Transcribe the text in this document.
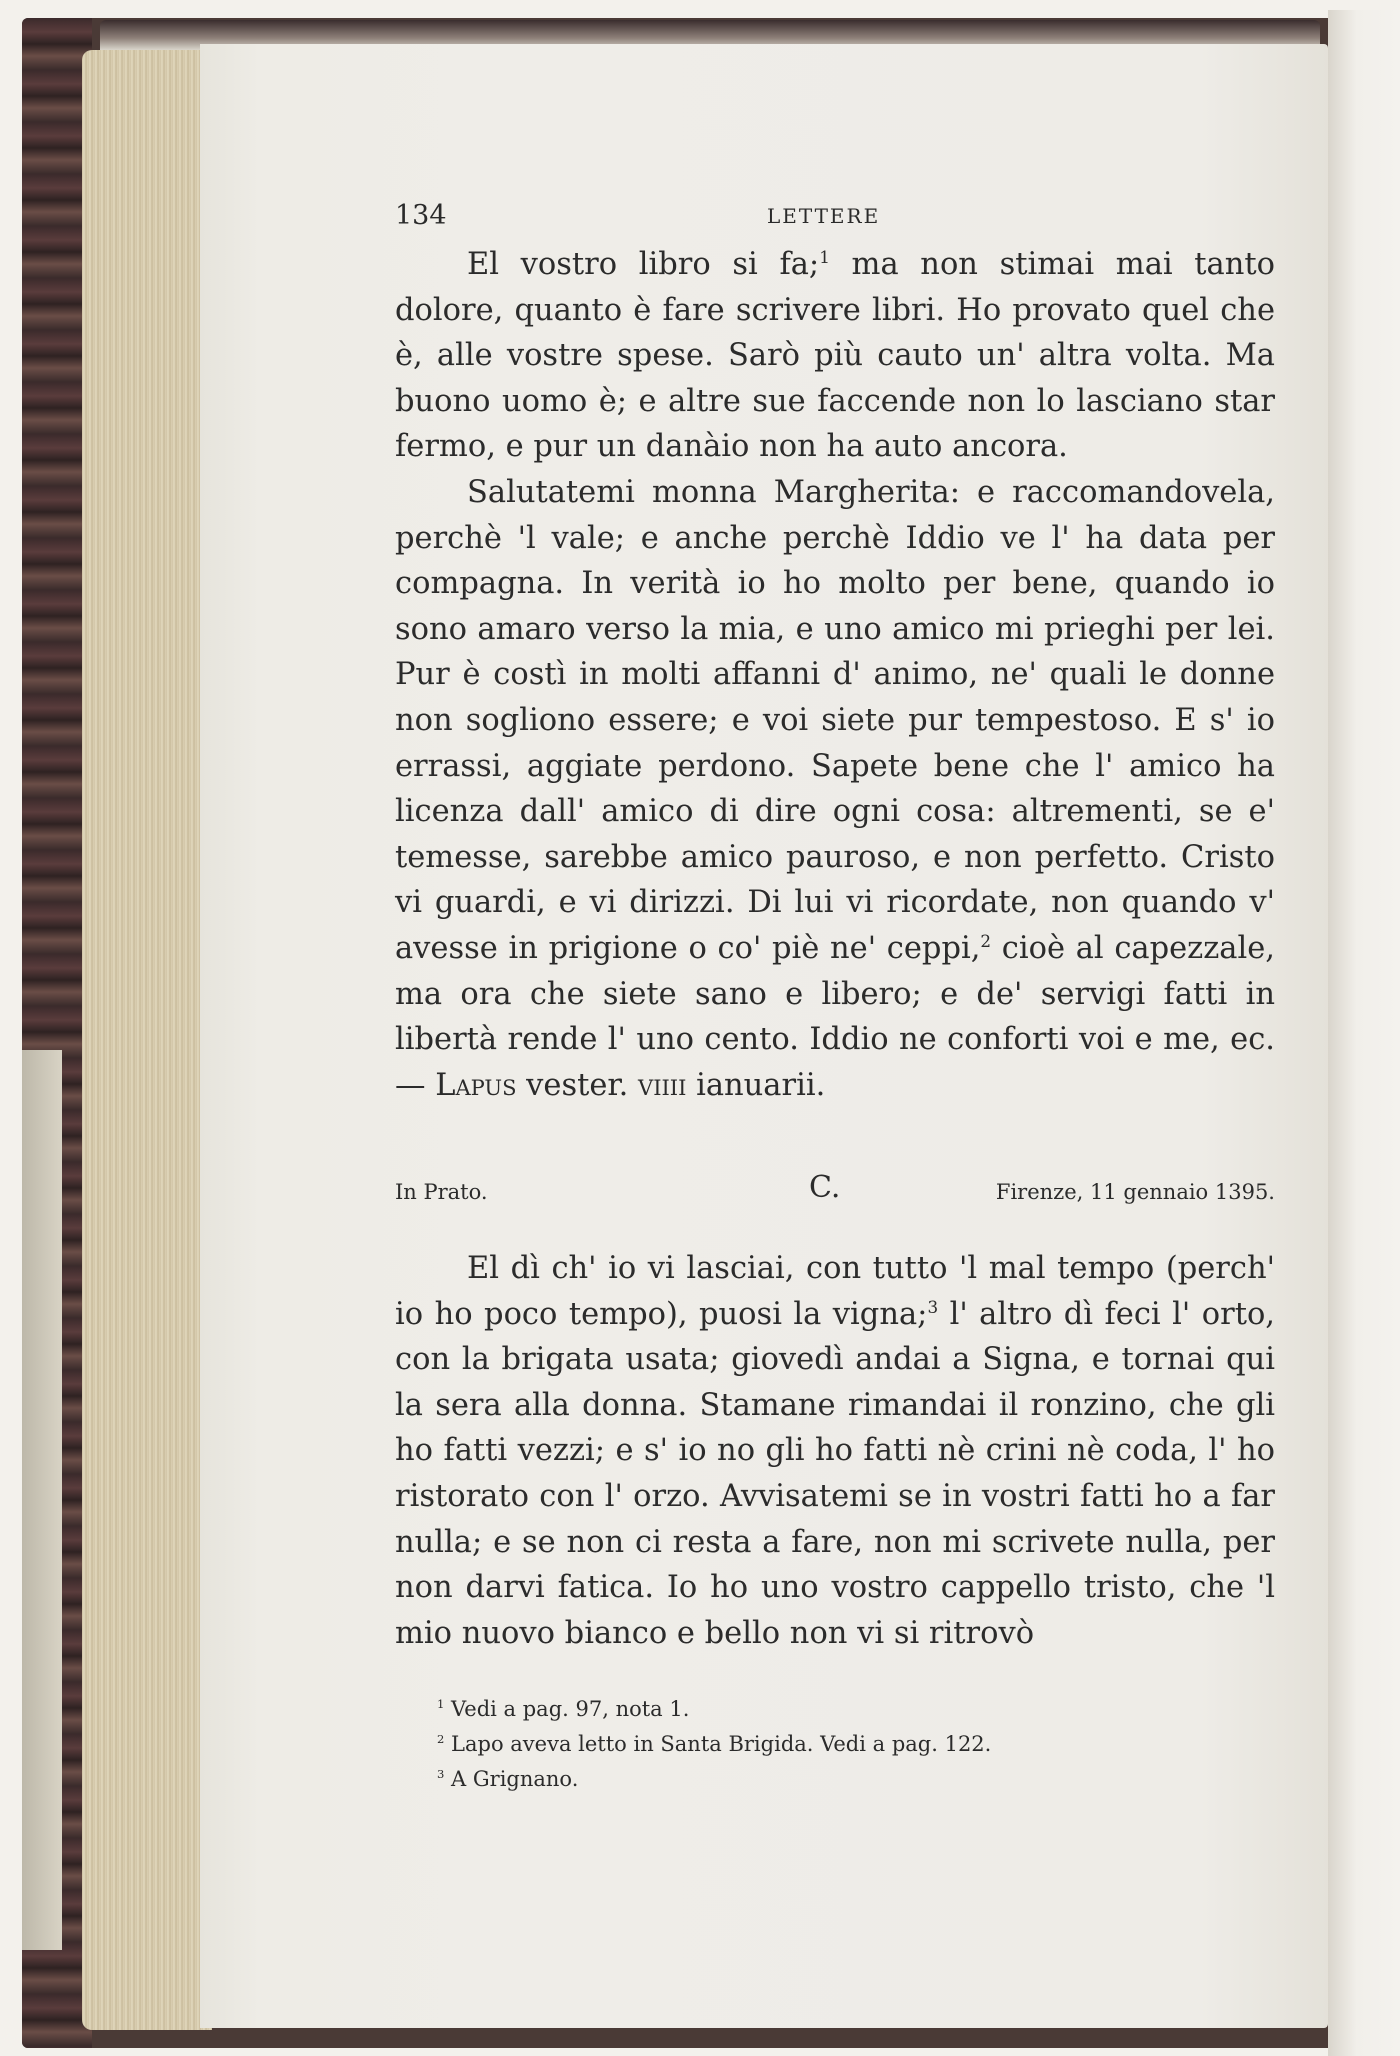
134	LETTERE

El vostro libro si fa;$^1$ ma non stimai mai tanto dolore, quanto è fare scrivere libri. Ho provato quel che è, alle vostre spese. Sarò più cauto un' altra volta. Ma buono uomo è; e altre sue faccende non lo lasciano star fermo, e pur un danàio non ha auto ancora.

Salutatemi monna Margherita: e raccomandovela, perchè 'l vale; e anche perchè Iddio ve l' ha data per compagna. In verità io ho molto per bene, quando io sono amaro verso la mia, e uno amico mi prieghi per lei. Pur è costì in molti affanni d' animo, ne' quali le donne non sogliono essere; e voi siete pur tempestoso. E s' io errassi, aggiate perdono. Sapete bene che l' amico ha licenza dall' amico di dire ogni cosa: altrementi, se e' temesse, sarebbe amico pauroso, e non perfetto. Cristo vi guardi, e vi dirizzi. Di lui vi ricordate, non quando v' avesse in prigione o co' piè ne' ceppi,$^2$ cioè al capezzale, ma ora che siete sano e libero; e de' servigi fatti in libertà rende l' uno cento. Iddio ne conforti voi e me, ec. — Lapus vester. viiii ianuarii.

In Prato.	C.	Firenze, 11 gennaio 1395.

El dì ch' io vi lasciai, con tutto 'l mal tempo (perch' io ho poco tempo), puosi la vigna;$^3$ l' altro dì feci l' orto, con la brigata usata; giovedì andai a Signa, e tornai qui la sera alla donna. Stamane rimandai il ronzino, che gli ho fatti vezzi; e s' io no gli ho fatti nè crini nè coda, l' ho ristorato con l' orzo. Avvisatemi se in vostri fatti ho a far nulla; e se non ci resta a fare, non mi scrivete nulla, per non darvi fatica. Io ho uno vostro cappello tristo, che 'l mio nuovo bianco e bello non vi si ritrovò

$^1$ Vedi a pag. 97, nota 1.

$^2$ Lapo aveva letto in Santa Brigida. Vedi a pag. 122.

$^3$ A Grignano.
